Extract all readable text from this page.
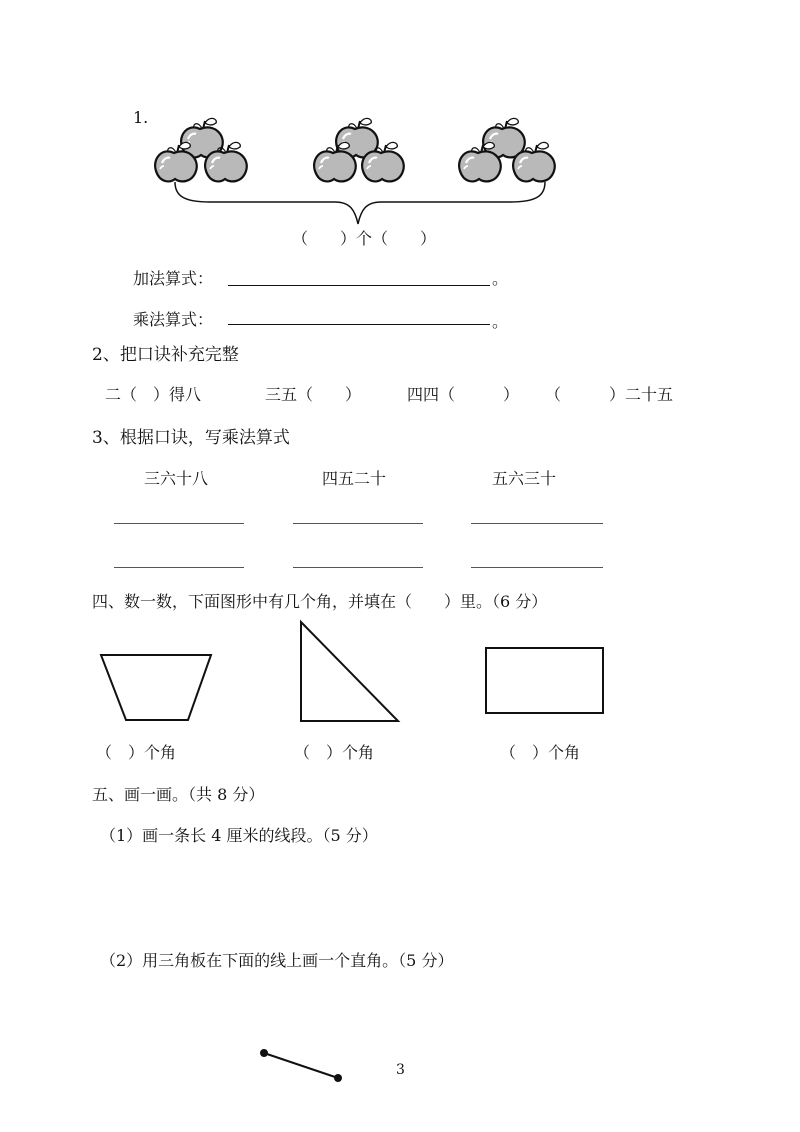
1.
（　　）个（　　）
加法算式：	。
乘法算式：	。
2、把口诀补充完整
二（　）得八	三五（　　）	四四（　　　） （　　　）二十五
3、根据口诀，写乘法算式
三六十八	四五二十	五六三十
四、数一数，下面图形中有几个角，并填在（　　）里。（6 分）
（　）个角	（　）个角	（　）个角
五、画一画。（共 8 分）
（1）画一条长 4 厘米的线段。（5 分）
（2）用三角板在下面的线上画一个直角。（5 分）
3
